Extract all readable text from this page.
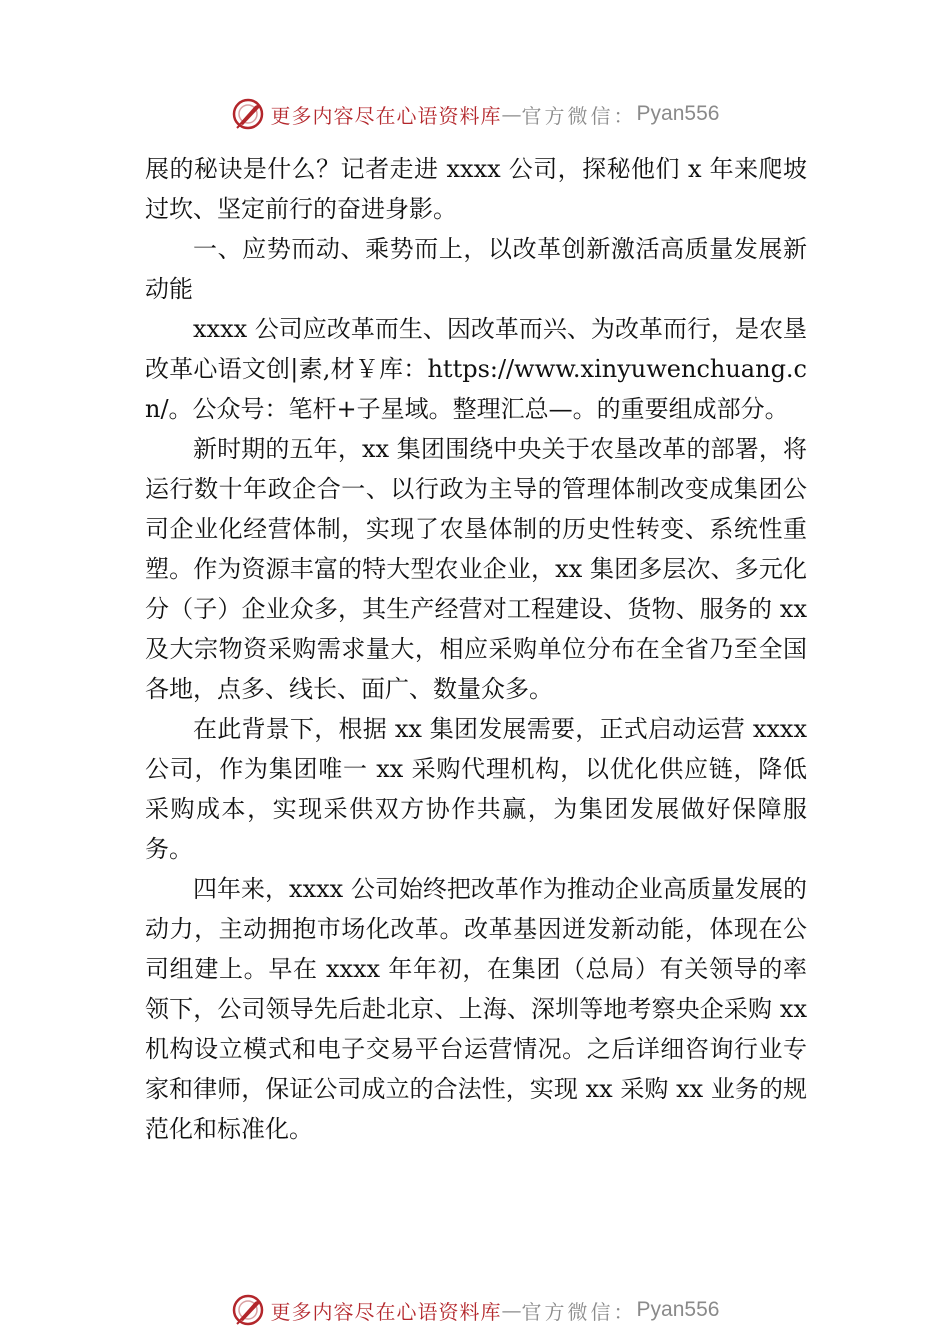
更多内容尽在心语资料库 — 官方微信： Pyan556

展的秘诀是什么？记者走进 xxxx 公司，探秘他们 x 年来爬坡过坎、坚定前行的奋进身影。

一、应势而动、乘势而上，以改革创新激活高质量发展新动能

xxxx 公司应改革而生、因改革而兴、为改革而行，是农垦改革心语文创|素,材￥库：https://www.xinyuwenchuang.cn/。公众号：笔杆+子星域。整理汇总—。的重要组成部分。

新时期的五年，xx 集团围绕中央关于农垦改革的部署，将运行数十年政企合一、以行政为主导的管理体制改变成集团公司企业化经营体制，实现了农垦体制的历史性转变、系统性重塑。作为资源丰富的特大型农业企业，xx 集团多层次、多元化分（子）企业众多，其生产经营对工程建设、货物、服务的 xx 及大宗物资采购需求量大，相应采购单位分布在全省乃至全国各地，点多、线长、面广、数量众多。

在此背景下，根据 xx 集团发展需要，正式启动运营 xxxx 公司，作为集团唯一 xx 采购代理机构，以优化供应链，降低采购成本，实现采供双方协作共赢，为集团发展做好保障服务。

四年来，xxxx 公司始终把改革作为推动企业高质量发展的动力，主动拥抱市场化改革。改革基因迸发新动能，体现在公司组建上。早在 xxxx 年年初，在集团（总局）有关领导的率领下，公司领导先后赴北京、上海、深圳等地考察央企采购 xx 机构设立模式和电子交易平台运营情况。之后详细咨询行业专家和律师，保证公司成立的合法性，实现 xx 采购 xx 业务的规范化和标准化。

更多内容尽在心语资料库 — 官方微信： Pyan556
